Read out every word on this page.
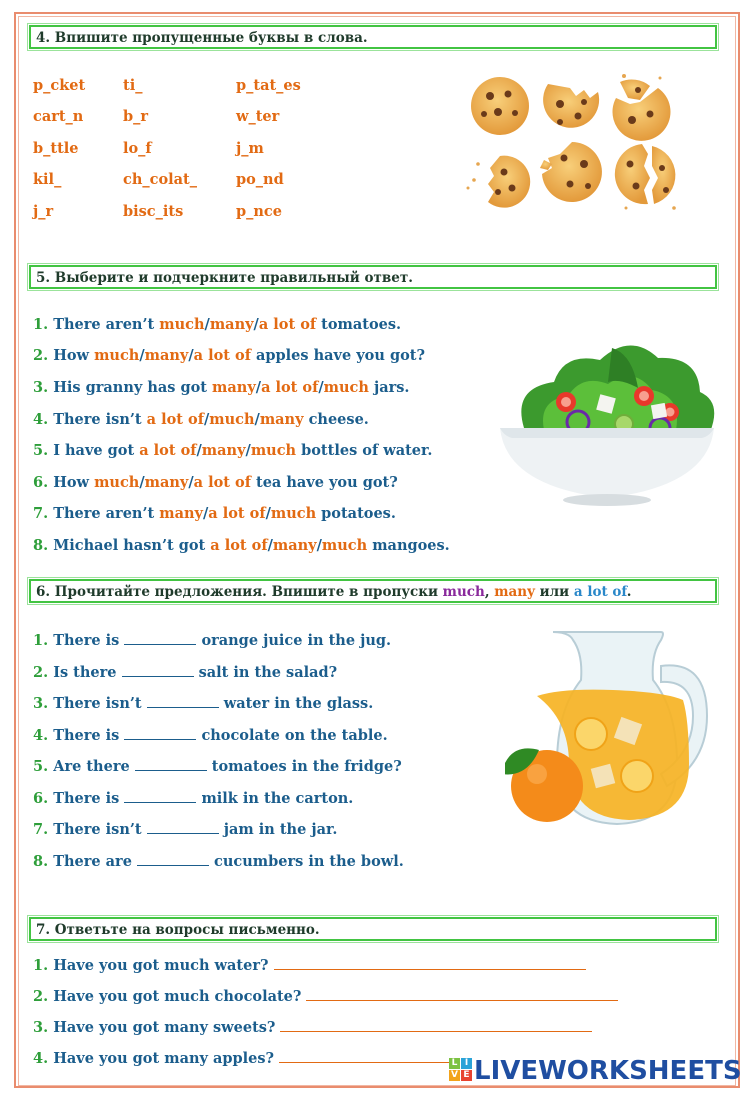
4. Впишите пропущенные буквы в слова.
p_cket	ti_	p_tat_es
cart_n	b_r	w_ter
b_ttle	lo_f	j_m
kil_	ch_colat_	po_nd
j_r	bisc_its	p_nce
5. Выберите и подчеркните правильный ответ.
1. There aren’t much/many/a lot of tomatoes.
2. How much/many/a lot of apples have you got?
3. His granny has got many/a lot of/much jars.
4. There isn’t a lot of/much/many cheese.
5. I have got a lot of/many/much bottles of water.
6. How much/many/a lot of tea have you got?
7. There aren’t many/a lot of/much potatoes.
8. Michael hasn’t got a lot of/many/much mangoes.
6. Прочитайте предложения. Впишите в пропуски much, many или a lot of.
1. There is	orange juice in the jug.
2. Is there	salt in the salad?
3. There isn’t	water in the glass.
4. There is	chocolate on the table.
5. Are there	tomatoes in the fridge?
6. There is	milk in the carton.
7. There isn’t	jam in the jar.
8. There are	cucumbers in the bowl.
7. Ответьте на вопросы письменно.
1. Have you got much water?
2. Have you got much chocolate?
3. Have you got many sweets?
4. Have you got many apples?	L I
V E LIVEWORKSHEETS
